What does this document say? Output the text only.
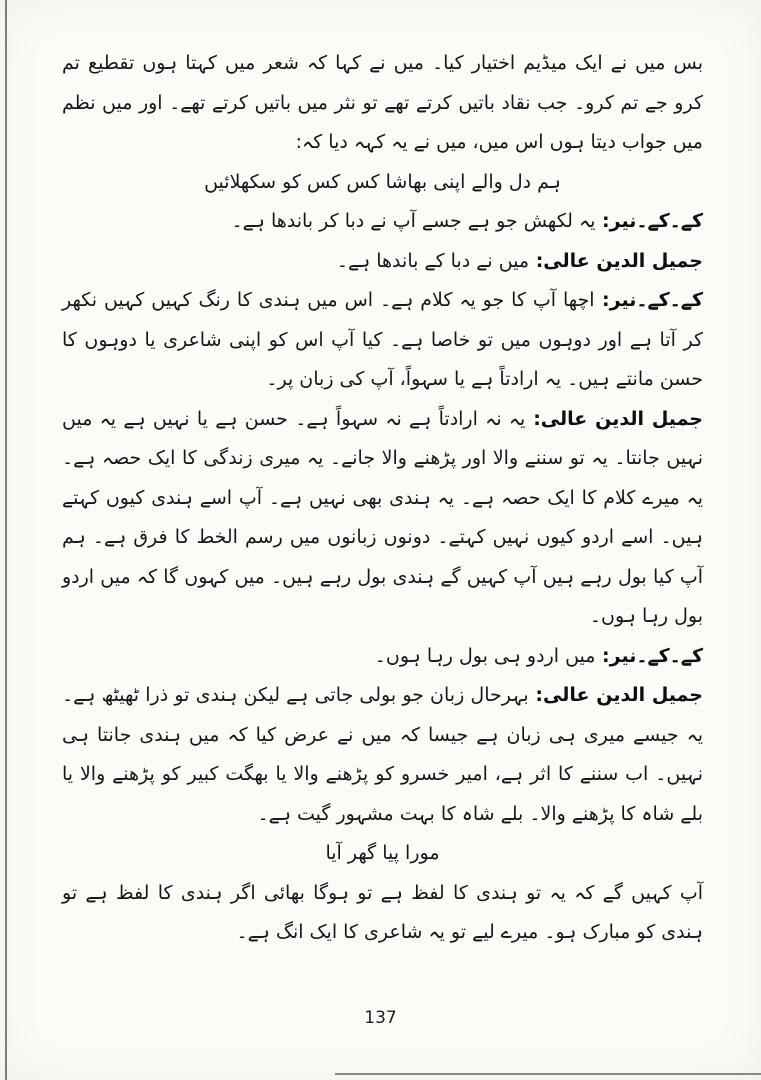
بس میں نے ایک میڈیم اختیار کیا۔ میں نے کہا کہ شعر میں کہتا ہوں تقطیع تم کرو جے تم کرو۔ جب نقاد باتیں کرتے تھے تو نثر میں باتیں کرتے تھے۔ اور میں نظم میں جواب دیتا ہوں اس میں، میں نے یہ کہہ دیا کہ:
ہم دل والے اپنی بھاشا کس کس کو سکھلائیں
کے۔کے۔نیر: یہ لکھش جو ہے جسے آپ نے دبا کر باندھا ہے۔
جمیل الدین عالی: میں نے دبا کے باندھا ہے۔
کے۔کے۔نیر: اچھا آپ کا جو یہ کلام ہے۔ اس میں ہندی کا رنگ کہیں کہیں نکھر کر آتا ہے اور دوہوں میں تو خاصا ہے۔ کیا آپ اس کو اپنی شاعری یا دوہوں کا حسن مانتے ہیں۔ یہ ارادتاً ہے یا سہواً، آپ کی زبان پر۔
جمیل الدین عالی: یہ نہ ارادتاً ہے نہ سہواً ہے۔ حسن ہے یا نہیں ہے یہ میں نہیں جانتا۔ یہ تو سننے والا اور پڑھنے والا جانے۔ یہ میری زندگی کا ایک حصہ ہے۔ یہ میرے کلام کا ایک حصہ ہے۔ یہ ہندی بھی نہیں ہے۔ آپ اسے ہندی کیوں کہتے ہیں۔ اسے اردو کیوں نہیں کہتے۔ دونوں زبانوں میں رسم الخط کا فرق ہے۔ ہم آپ کیا بول رہے ہیں آپ کہیں گے ہندی بول رہے ہیں۔ میں کہوں گا کہ میں اردو بول رہا ہوں۔
کے۔کے۔نیر: میں اردو ہی بول رہا ہوں۔
جمیل الدین عالی: بہرحال زبان جو بولی جاتی ہے لیکن ہندی تو ذرا ٹھیٹھ ہے۔ یہ جیسے میری ہی زبان ہے جیسا کہ میں نے عرض کیا کہ میں ہندی جانتا ہی نہیں۔ اب سننے کا اثر ہے، امیر خسرو کو پڑھنے والا یا بھگت کبیر کو پڑھنے والا یا بلے شاہ کا پڑھنے والا۔ بلے شاہ کا بہت مشہور گیت ہے۔
مورا پیا گھر آیا
آپ کہیں گے کہ یہ تو ہندی کا لفظ ہے تو ہوگا بھائی اگر ہندی کا لفظ ہے تو ہندی کو مبارک ہو۔ میرے لیے تو یہ شاعری کا ایک انگ ہے۔
137
